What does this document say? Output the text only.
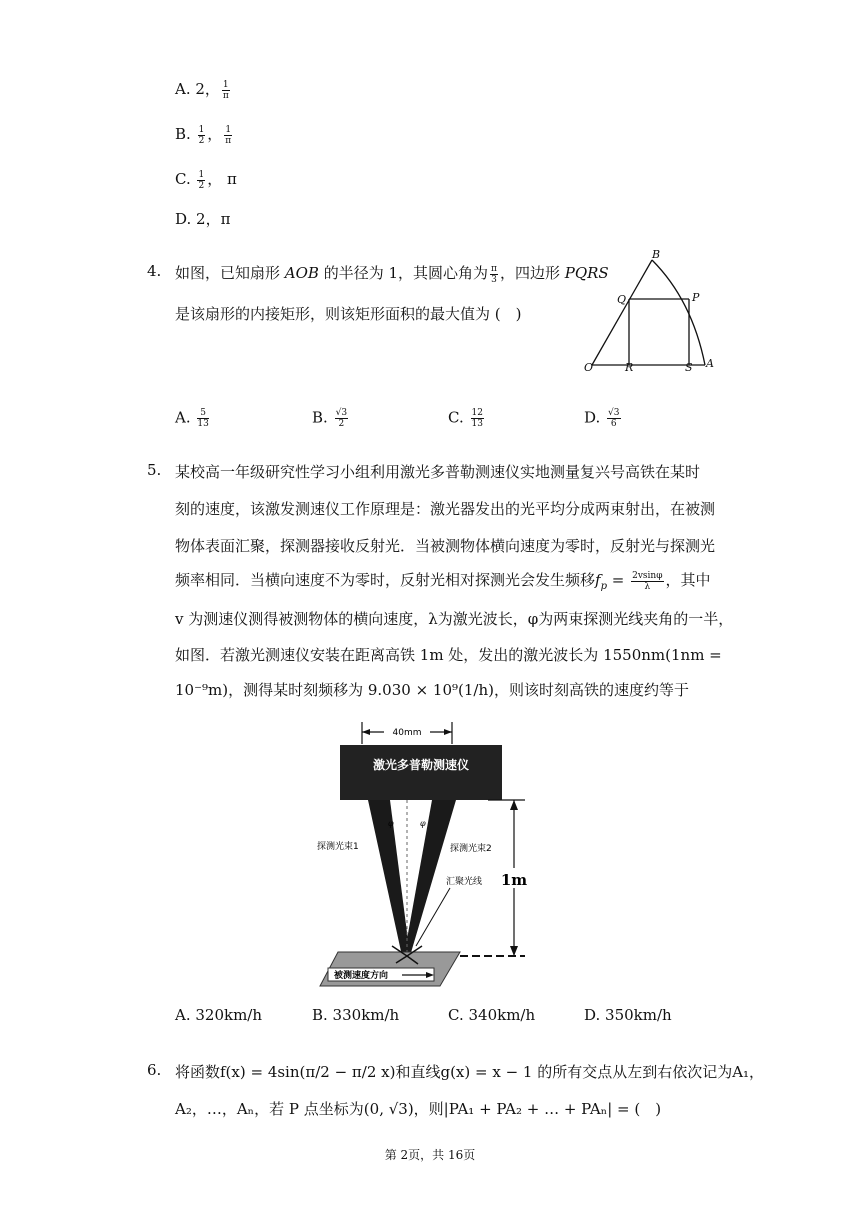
A. 2， $\frac{1}{\pi}$
B. $\frac{1}{2}$ ， $\frac{1}{\pi}$
C. $\frac{1}{2}$ ， π
D. 2，π
4. 如图，已知扇形 AOB 的半径为 1，其圆心角为 $\frac{\pi}{3}$ ，四边形 PQRS
是该扇形的内接矩形，则该矩形面积的最大值为 (　)
B
Q	P
O	R	S A
A. $\frac{5}{13}$	B. $\frac{√3}{2}$	C. $\frac{12}{13}$	D. $\frac{√3}{6}$
5. 某校高一年级研究性学习小组利用激光多普勒测速仪实地测量复兴号高铁在某时
刻的速度，该激发测速仪工作原理是：激光器发出的光平均分成两束射出，在被测
物体表面汇聚，探测器接收反射光．当被测物体横向速度为零时，反射光与探测光
频率相同．当横向速度不为零时，反射光相对探测光会发生频移$f_p = \frac{2vsin\varphi}{\lambda}$ ，其中
v 为测速仪测得被测物体的横向速度，λ为激光波长，φ为两束探测光线夹角的一半，
如图．若激光测速仪安装在距离高铁 1m 处，发出的激光波长为 1550nm(1nm =
10⁻⁹m)，测得某时刻频移为 9.030 × 10⁹(1/h)，则该时刻高铁的速度约等于
40mm
激光多普勒测速仪
φ	φ
探测光束1	探测光束2
汇聚光线 1m
被测速度方向
A. 320km/h	B. 330km/h	C. 340km/h	D. 350km/h
6. 将函数f(x) = 4sin(π/2 − π/2 x)和直线g(x) = x − 1 的所有交点从左到右依次记为A₁，
A₂，…，Aₙ，若 P 点坐标为(0, √3)，则|PA₁ + PA₂ + … + PAₙ| = (　)
第 2页，共 16页
